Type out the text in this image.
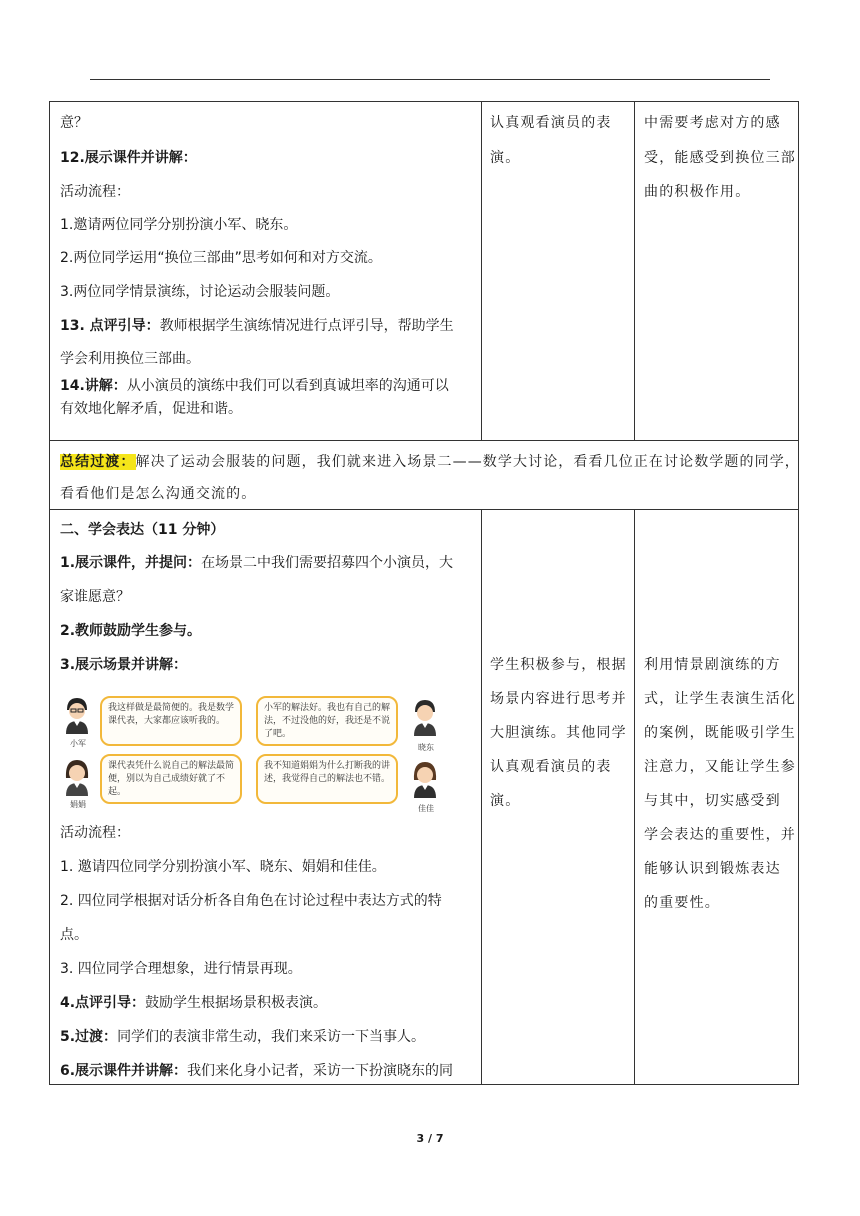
意？
12.展示课件并讲解：
活动流程：
1.邀请两位同学分别扮演小军、晓东。
2.两位同学运用“换位三部曲”思考如何和对方交流。
3.两位同学情景演练，讨论运动会服装问题。
13. 点评引导：教师根据学生演练情况进行点评引导，帮助学生
学会利用换位三部曲。
14.讲解：从小演员的演练中我们可以看到真诚坦率的沟通可以
有效地化解矛盾，促进和谐。
认真观看演员的表
演。
中需要考虑对方的感
受，能感受到换位三部
曲的积极作用。
总结过渡：解决了运动会服装的问题，我们就来进入场景二——数学大讨论，看看几位正在讨论数学题的同学，
看看他们是怎么沟通交流的。
二、学会表达（11 分钟）
1.展示课件，并提问：在场景二中我们需要招募四个小演员，大
家谁愿意？
2.教师鼓励学生参与。
3.展示场景并讲解：
小军
我这样做是最简便的。我是数学课代表，大家都应该听我的。
小军的解法好。我也有自己的解法，不过没他的好，我还是不说了吧。
晓东
娟娟
课代表凭什么说自己的解法最简便，别以为自己成绩好就了不起。
我不知道娟娟为什么打断我的讲述，我觉得自己的解法也不错。
佳佳
活动流程：
1. 邀请四位同学分别扮演小军、晓东、娟娟和佳佳。
2. 四位同学根据对话分析各自角色在讨论过程中表达方式的特
点。
3. 四位同学合理想象，进行情景再现。
4.点评引导：鼓励学生根据场景积极表演。
5.过渡：同学们的表演非常生动，我们来采访一下当事人。
6.展示课件并讲解：我们来化身小记者，采访一下扮演晓东的同
学生积极参与，根据
场景内容进行思考并
大胆演练。其他同学
认真观看演员的表
演。
利用情景剧演练的方
式，让学生表演生活化
的案例，既能吸引学生
注意力，又能让学生参
与其中，切实感受到
学会表达的重要性，并
能够认识到锻炼表达
的重要性。
3 / 7
